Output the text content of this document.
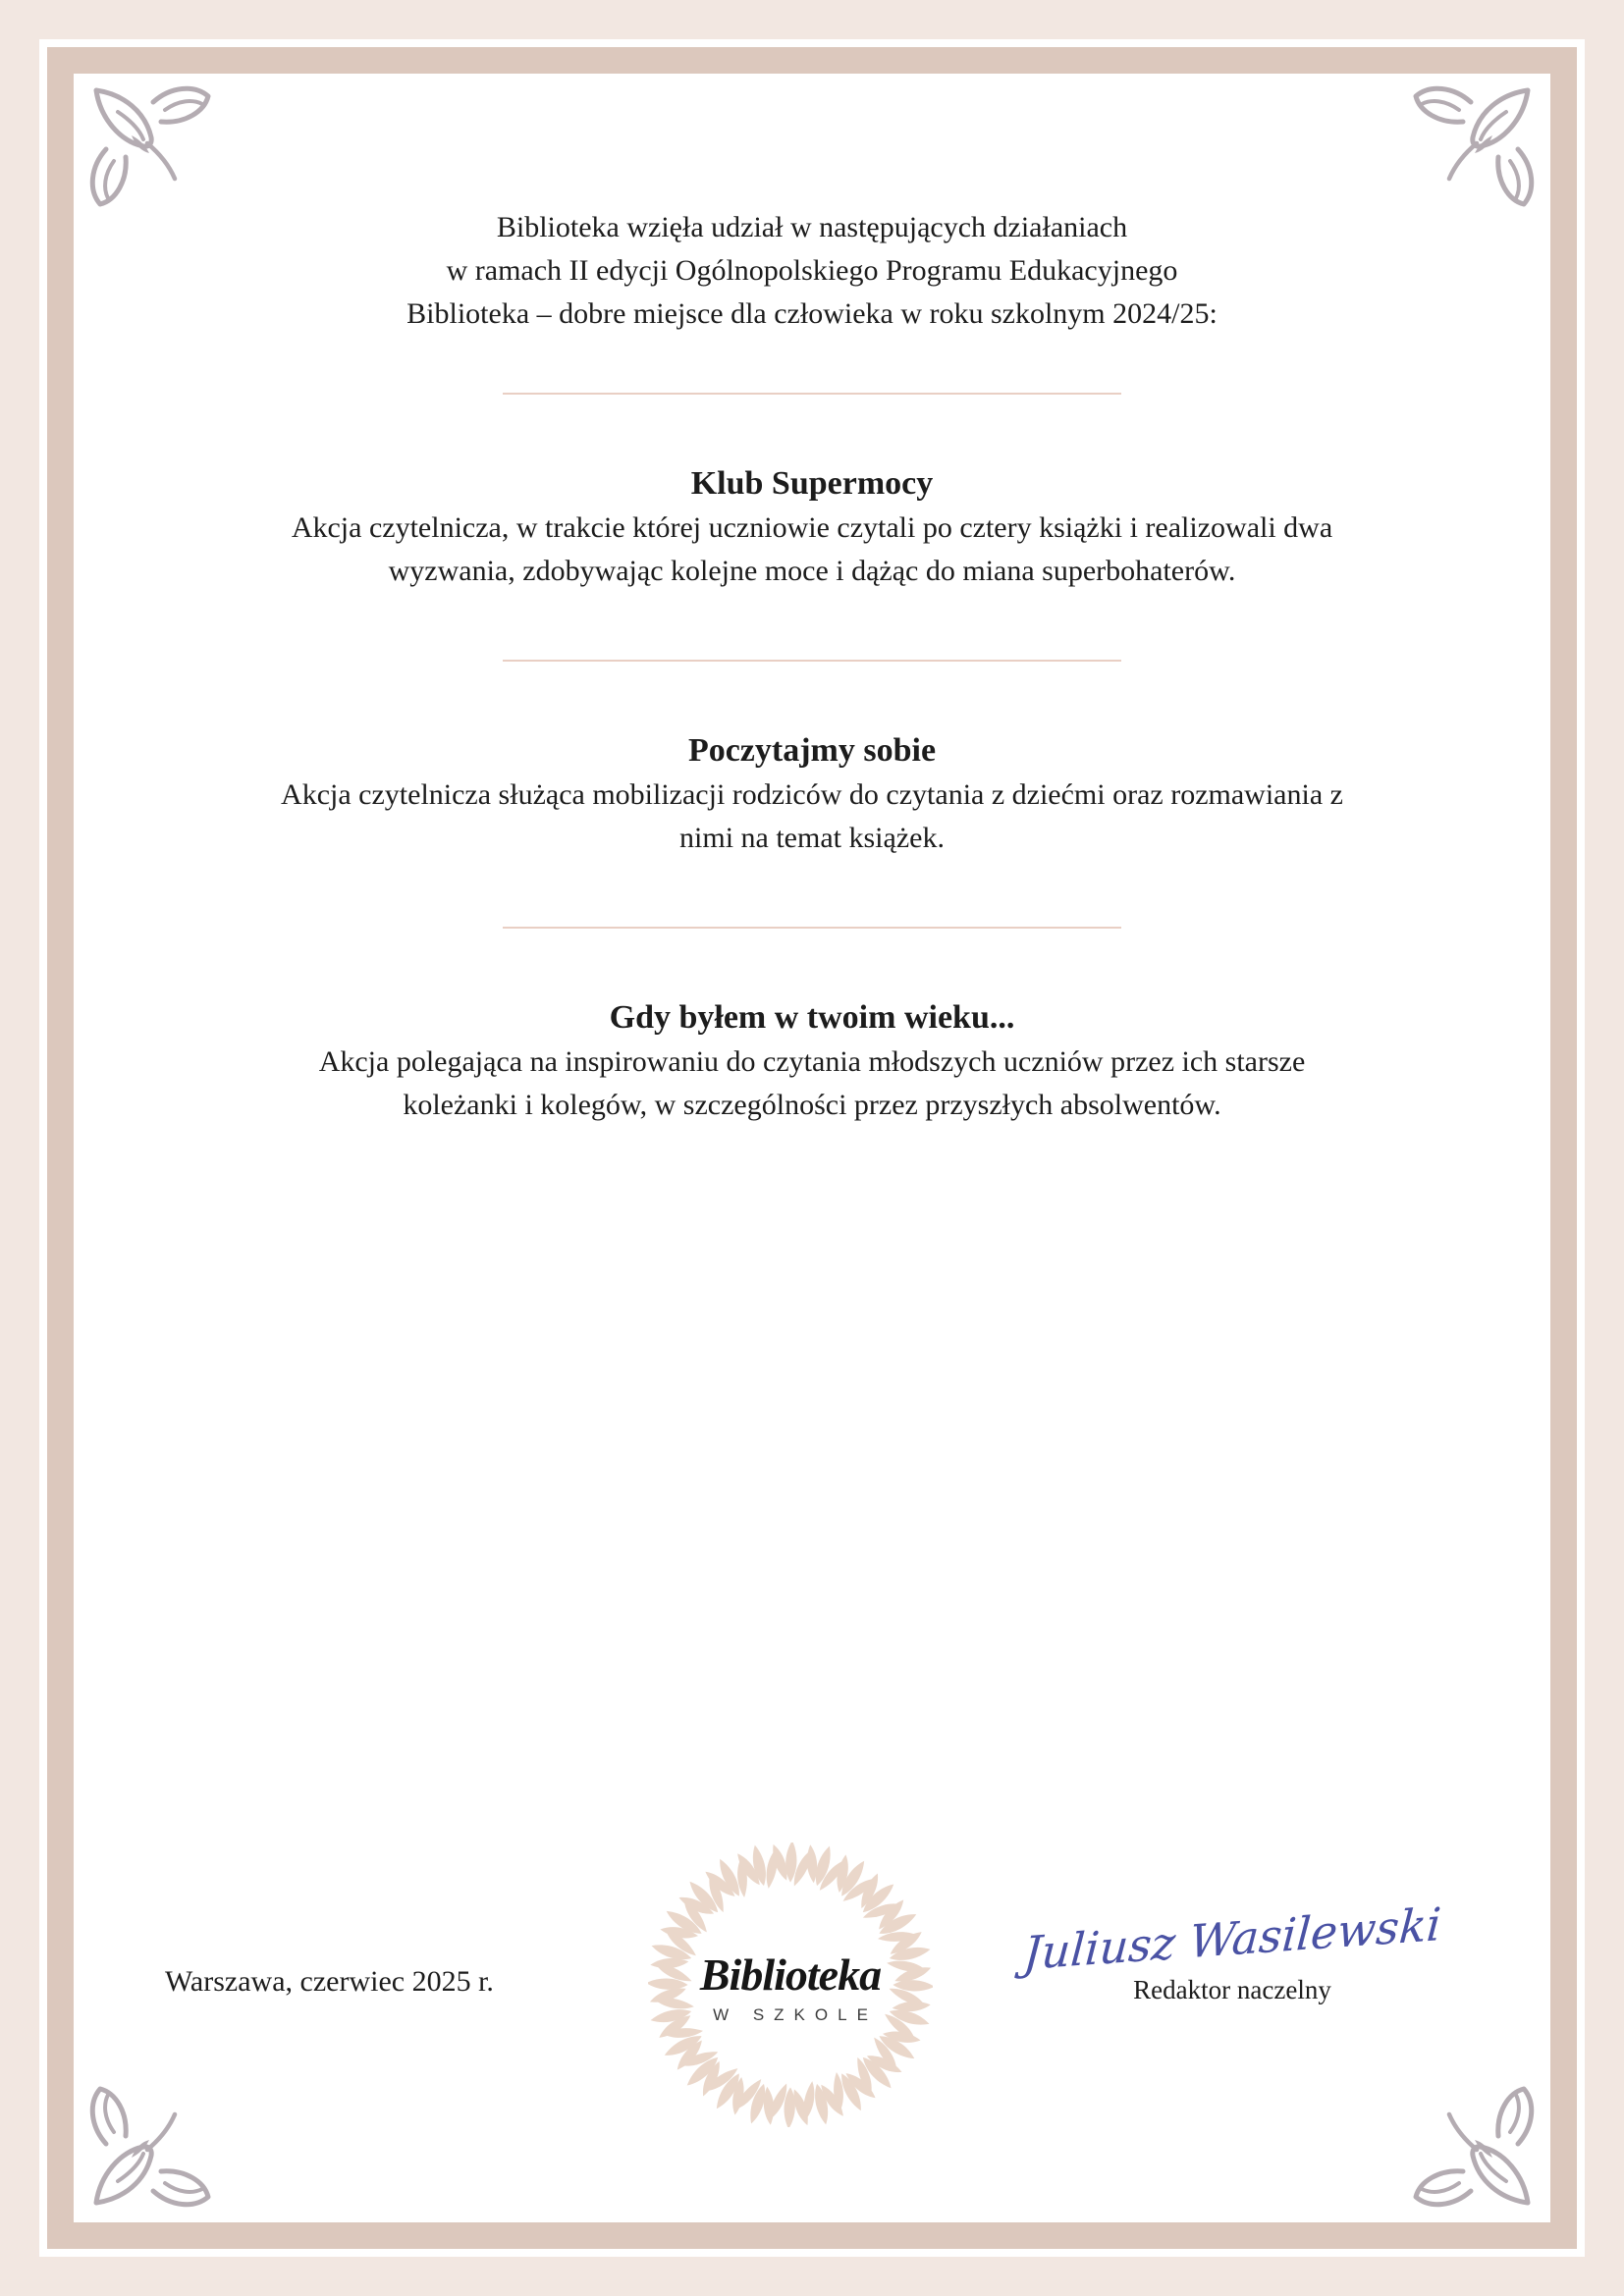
Biblioteka wzięła udział w następujących działaniach
w ramach II edycji Ogólnopolskiego Programu Edukacyjnego
Biblioteka – dobre miejsce dla człowieka w roku szkolnym 2024/25:
Klub Supermocy
Akcja czytelnicza, w trakcie której uczniowie czytali po cztery książki i realizowali dwa
wyzwania, zdobywając kolejne moce i dążąc do miana superbohaterów.
Poczytajmy sobie
Akcja czytelnicza służąca mobilizacji rodziców do czytania z dziećmi oraz rozmawiania z
nimi na temat książek.
Gdy byłem w twoim wieku...
Akcja polegająca na inspirowaniu do czytania młodszych uczniów przez ich starsze
koleżanki i kolegów, w szczególności przez przyszłych absolwentów.
Warszawa, czerwiec 2025 r.	Biblioteka
W SZKOLE
Juliusz Wasilewski
Redaktor naczelny
